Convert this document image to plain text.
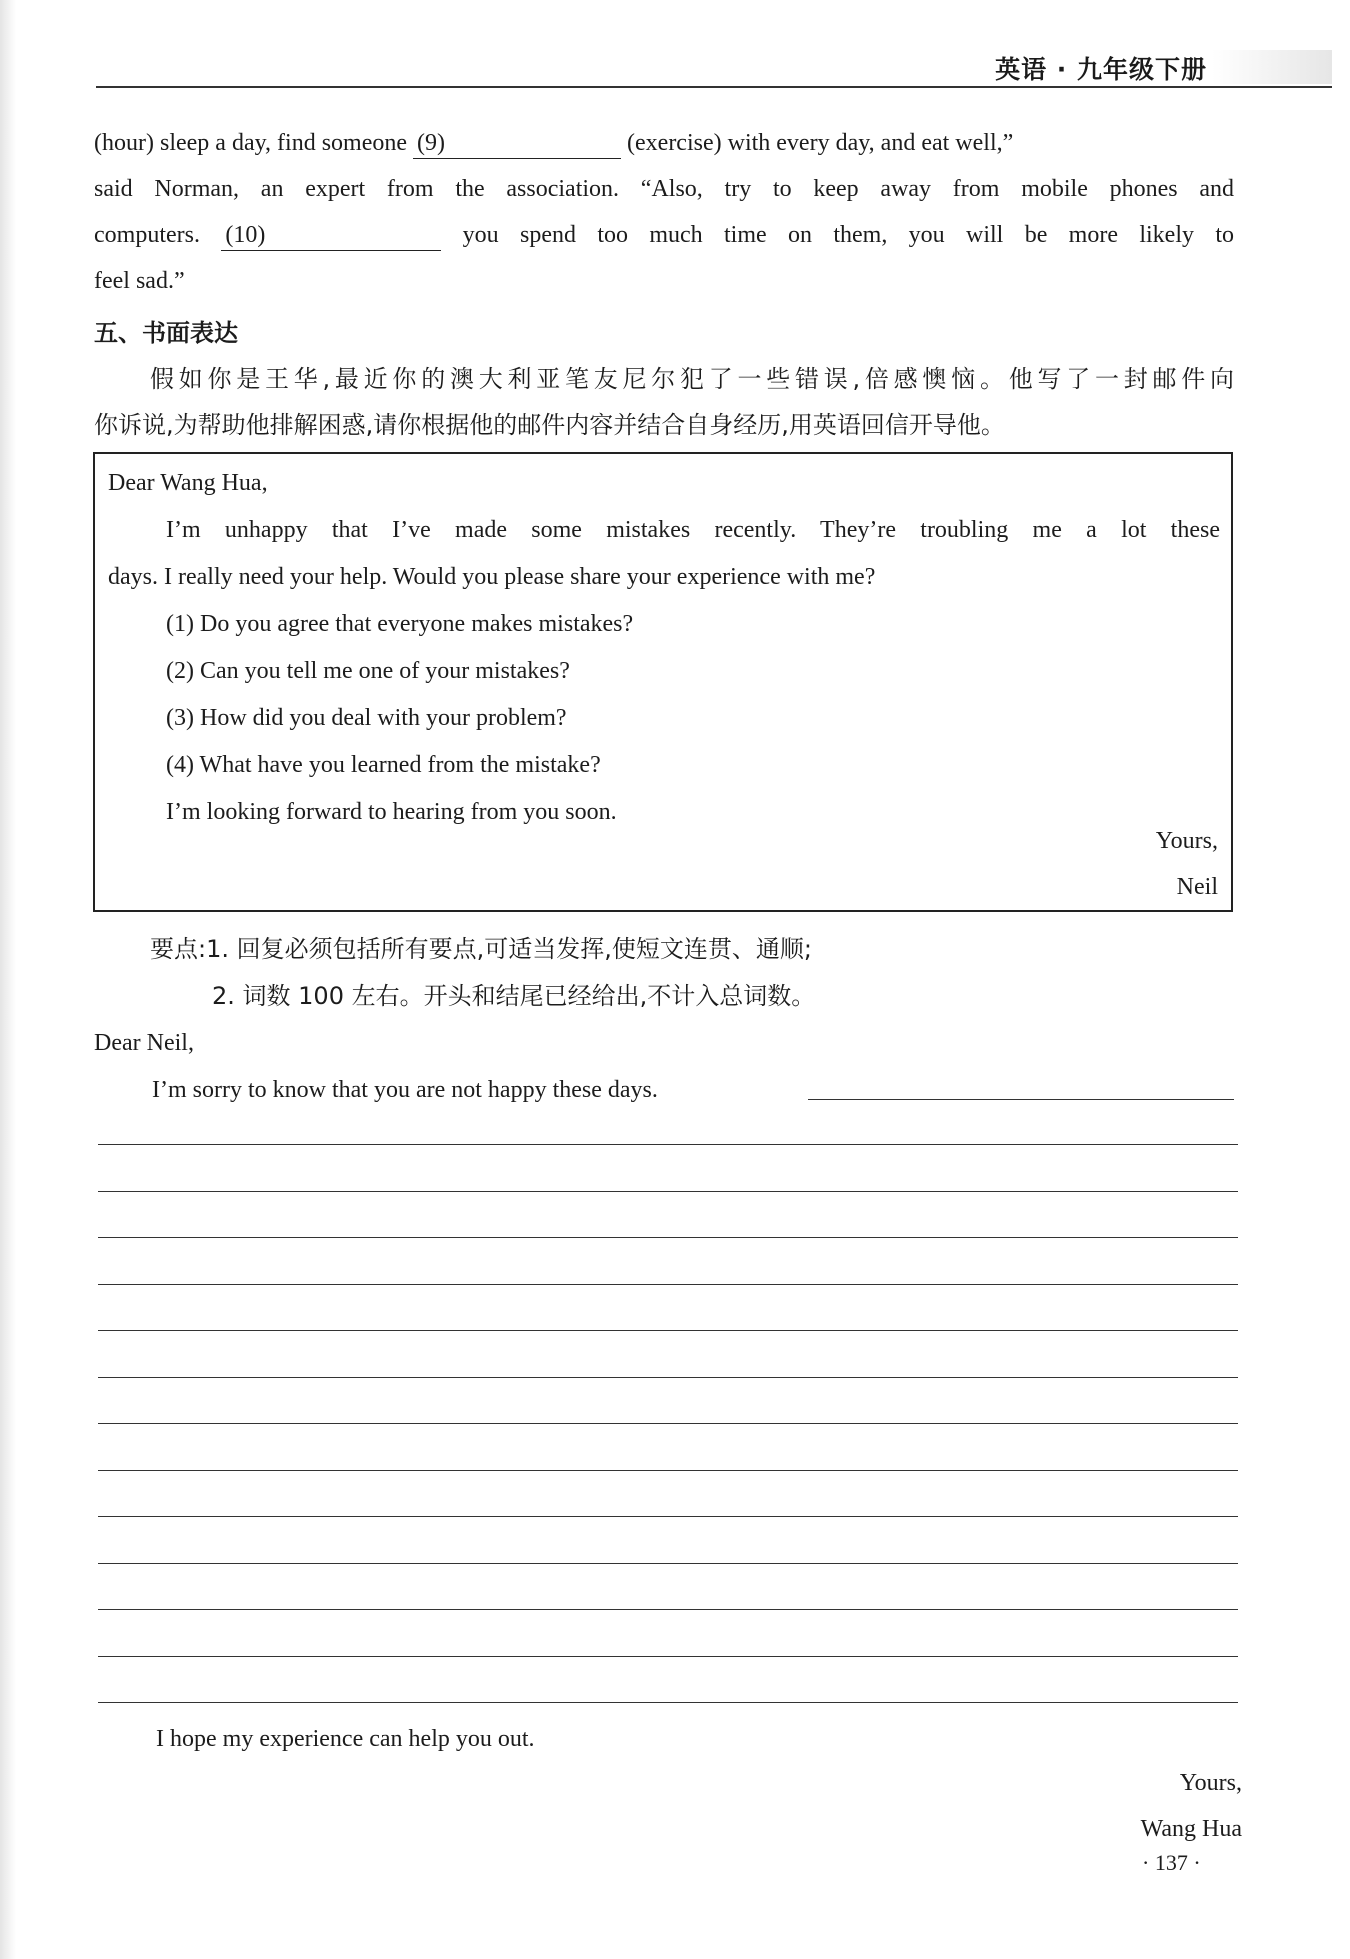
英语 · 九年级下册
(hour) sleep a day, find someone (9)	(exercise) with every day, and eat well,”
said Norman, an expert from the association. “Also, try to keep away from mobile phones and
computers. (10)	you spend too much time on them, you will be more likely to
feel sad.”
五、书面表达
假如你是王华,最近你的澳大利亚笔友尼尔犯了一些错误,倍感懊恼。他写了一封邮件向
你诉说,为帮助他排解困惑,请你根据他的邮件内容并结合自身经历,用英语回信开导他。
Dear Wang Hua,
I’m unhappy that I’ve made some mistakes recently. They’re troubling me a lot these
days. I really need your help. Would you please share your experience with me?
(1) Do you agree that everyone makes mistakes?
(2) Can you tell me one of your mistakes?
(3) How did you deal with your problem?
(4) What have you learned from the mistake?
I’m looking forward to hearing from you soon.
Yours,
Neil
要点:1. 回复必须包括所有要点,可适当发挥,使短文连贯、通顺;
2. 词数 100 左右。开头和结尾已经给出,不计入总词数。
Dear Neil,
I’m sorry to know that you are not happy these days.
I hope my experience can help you out.
Yours,
Wang Hua
· 137 ·
